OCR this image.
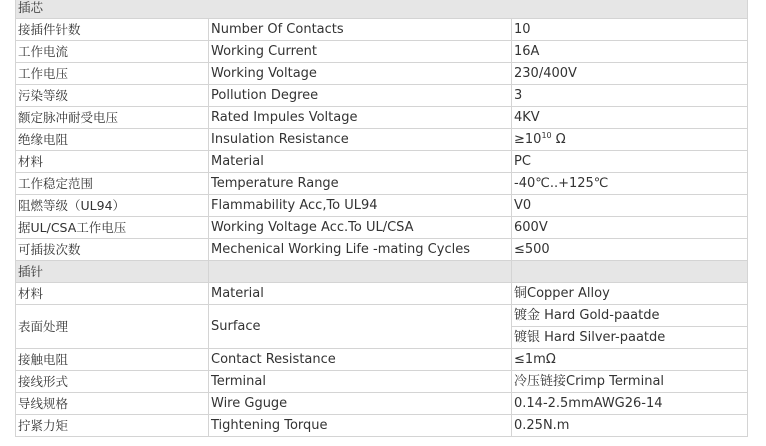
插芯		
接插件针数	Number Of Contacts	10
工作电流	Working Current	16A
工作电压	Working Voltage	230/400V
污染等级	Pollution Degree	3
额定脉冲耐受电压	Rated Impules Voltage	4KV
绝缘电阻	Insulation Resistance	$\ge 10^{10}$ Ω
材料	Material	PC
工作稳定范围	Temperature Range	-40℃..+125℃
阻燃等级（UL94）	Flammability Acc,To UL94	V0
据UL/CSA工作电压	Working Voltage Acc.To UL/CSA	600V
可插拔次数	Mechenical Working Life -mating Cycles	≤500
插针		
材料	Material	铜Copper Alloy
表面处理	Surface	镀金 Hard Gold-paatde
		镀银 Hard Silver-paatde
接触电阻	Contact Resistance	≤1mΩ
接线形式	Terminal	冷压链接Crimp Terminal
导线规格	Wire Gguge	0.14-2.5mmAWG26-14
拧紧力矩	Tightening Torque	0.25N.m
